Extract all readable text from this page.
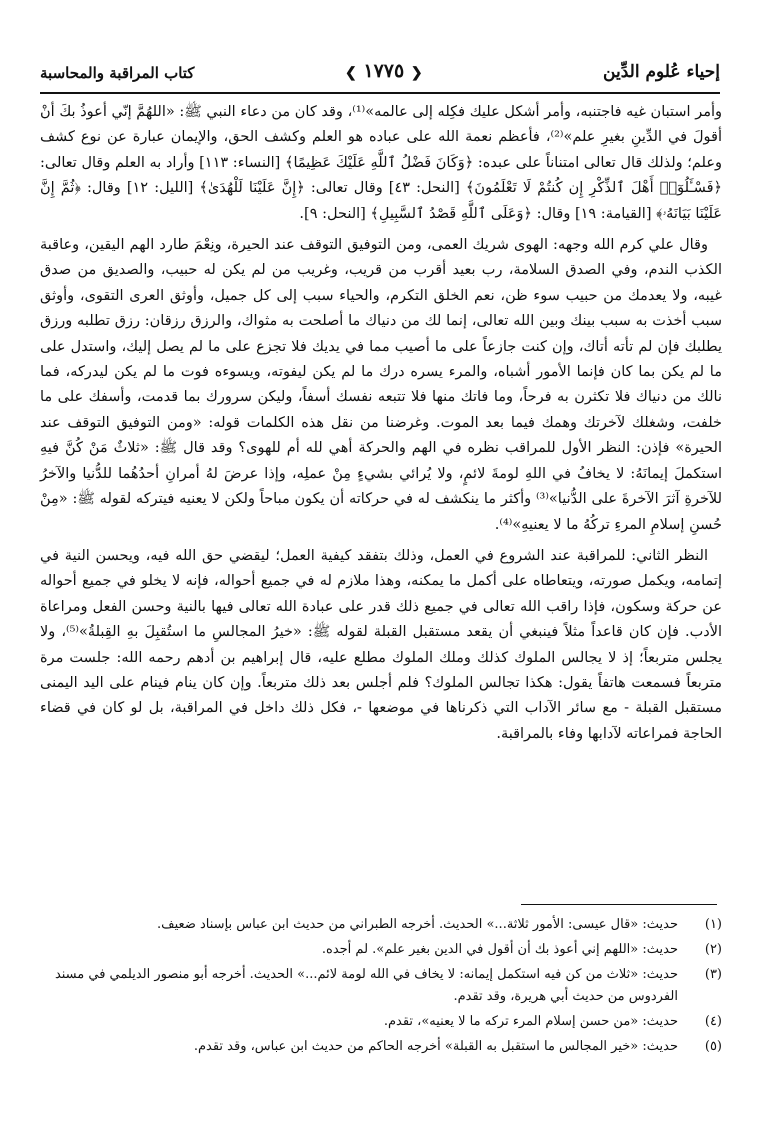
إحياء عُلوم الدِّين
❮ ١٧٧٥ ❯
كتاب المراقبة والمحاسبة

وأمر استبان غيه فاجتنبه، وأمر أشكل عليك فكِله إلى عالمه»⁽¹⁾، وقد كان من دعاء النبي ﷺ: «اللهُمَّ إنّي أعوذُ بكَ أنْ أقولَ في الدِّينِ بغيرِ علم»⁽²⁾، فأعظم نعمة الله على عباده هو العلم وكشف الحق، والإيمان عبارة عن نوع كشف وعلم؛ ولذلك قال تعالى امتناناً على عبده: ﴿وَكَانَ فَضْلُ ٱللَّهِ عَلَيْكَ عَظِيمًا﴾ [النساء: ١١٣] وأراد به العلم وقال تعالى: ﴿فَسْـَٔلُوٓا۟ أَهْلَ ٱلذِّكْرِ إِن كُنتُمْ لَا تَعْلَمُونَ﴾ [النحل: ٤٣] وقال تعالى: ﴿إِنَّ عَلَيْنَا لَلْهُدَىٰ﴾ [الليل: ١٢] وقال: ﴿ثُمَّ إِنَّ عَلَيْنَا بَيَانَهُۥ﴾ [القيامة: ١٩] وقال: ﴿وَعَلَى ٱللَّهِ قَصْدُ ٱلسَّبِيلِ﴾ [النحل: ٩].

وقال علي كرم الله وجهه: الهوى شريك العمى، ومن التوفيق التوقف عند الحيرة، ونِعْمَ طارد الهم اليقين، وعاقبة الكذب الندم، وفي الصدق السلامة، رب بعيد أقرب من قريب، وغريب من لم يكن له حبيب، والصديق من صدق غيبه، ولا يعدمك من حبيب سوء ظن، نعم الخلق التكرم، والحياء سبب إلى كل جميل، وأوثق العرى التقوى، وأوثق سبب أخذت به سبب بينك وبين الله تعالى، إنما لك من دنياك ما أصلحت به مثواك، والرزق رزقان: رزق تطلبه ورزق يطلبك فإن لم تأته أتاك، وإن كنت جازعاً على ما أصيب مما في يديك فلا تجزع على ما لم يصل إليك، واستدل على ما لم يكن بما كان فإنما الأمور أشباه، والمرء يسره درك ما لم يكن ليفوته، ويسوءه فوت ما لم يكن ليدركه، فما نالك من دنياك فلا تكثرن به فرحاً، وما فاتك منها فلا تتبعه نفسك أسفاً، وليكن سرورك بما قدمت، وأسفك على ما خلفت، وشغلك لآخرتك وهمك فيما بعد الموت. وغرضنا من نقل هذه الكلمات قوله: «ومن التوفيق التوقف عند الحيرة» فإذن: النظر الأول للمراقب نظره في الهم والحركة أهي لله أم للهوى؟ وقد قال ﷺ: «ثلاثٌ مَنْ كُنَّ فيهِ استكملَ إيمانَهُ: لا يخافُ في اللهِ لومةَ لائمٍ، ولا يُرائي بشيءٍ مِنْ عملِه، وإذا عرضَ لهُ أمرانِ أحدُهُما للدُّنيا والآخرُ للآخرةِ آثرَ الآخرةَ على الدُّنيا»⁽³⁾ وأكثر ما ينكشف له في حركاته أن يكون مباحاً ولكن لا يعنيه فيتركه لقوله ﷺ: «مِنْ حُسنِ إسلامِ المرءِ تركُهُ ما لا يعنيهِ»⁽⁴⁾.

النظر الثاني: للمراقبة عند الشروع في العمل، وذلك بتفقد كيفية العمل؛ ليقضي حق الله فيه، ويحسن النية في إتمامه، ويكمل صورته، ويتعاطاه على أكمل ما يمكنه، وهذا ملازم له في جميع أحواله، فإنه لا يخلو في جميع أحواله عن حركة وسكون، فإذا راقب الله تعالى في جميع ذلك قدر على عبادة الله تعالى فيها بالنية وحسن الفعل ومراعاة الأدب. فإن كان قاعداً مثلاً فينبغي أن يقعد مستقبل القبلة لقوله ﷺ: «خيرُ المجالسِ ما استُقبِلَ بهِ القِبلةُ»⁽⁵⁾، ولا يجلس متربعاً؛ إذ لا يجالس الملوك كذلك وملك الملوك مطلع عليه، قال إبراهيم بن أدهم رحمه الله: جلست مرة متربعاً فسمعت هاتفاً يقول: هكذا تجالس الملوك؟ فلم أجلس بعد ذلك متربعاً. وإن كان ينام فينام على اليد اليمنى مستقبل القبلة - مع سائر الآداب التي ذكرناها في موضعها -، فكل ذلك داخل في المراقبة، بل لو كان في قضاء الحاجة فمراعاته لآدابها وفاء بالمراقبة.

(١)
حديث: «قال عيسى: الأمور ثلاثة...» الحديث. أخرجه الطبراني من حديث ابن عباس بإسناد ضعيف.
(٢)
حديث: «اللهم إني أعوذ بك أن أقول في الدين بغير علم». لم أجده.
(٣)
حديث: «ثلاث من كن فيه استكمل إيمانه: لا يخاف في الله لومة لائم...» الحديث. أخرجه أبو منصور الديلمي في مسند الفردوس من حديث أبي هريرة، وقد تقدم.
(٤)
حديث: «من حسن إسلام المرء تركه ما لا يعنيه»، تقدم.
(٥)
حديث: «خير المجالس ما استقبل به القبلة» أخرجه الحاكم من حديث ابن عباس، وقد تقدم.
